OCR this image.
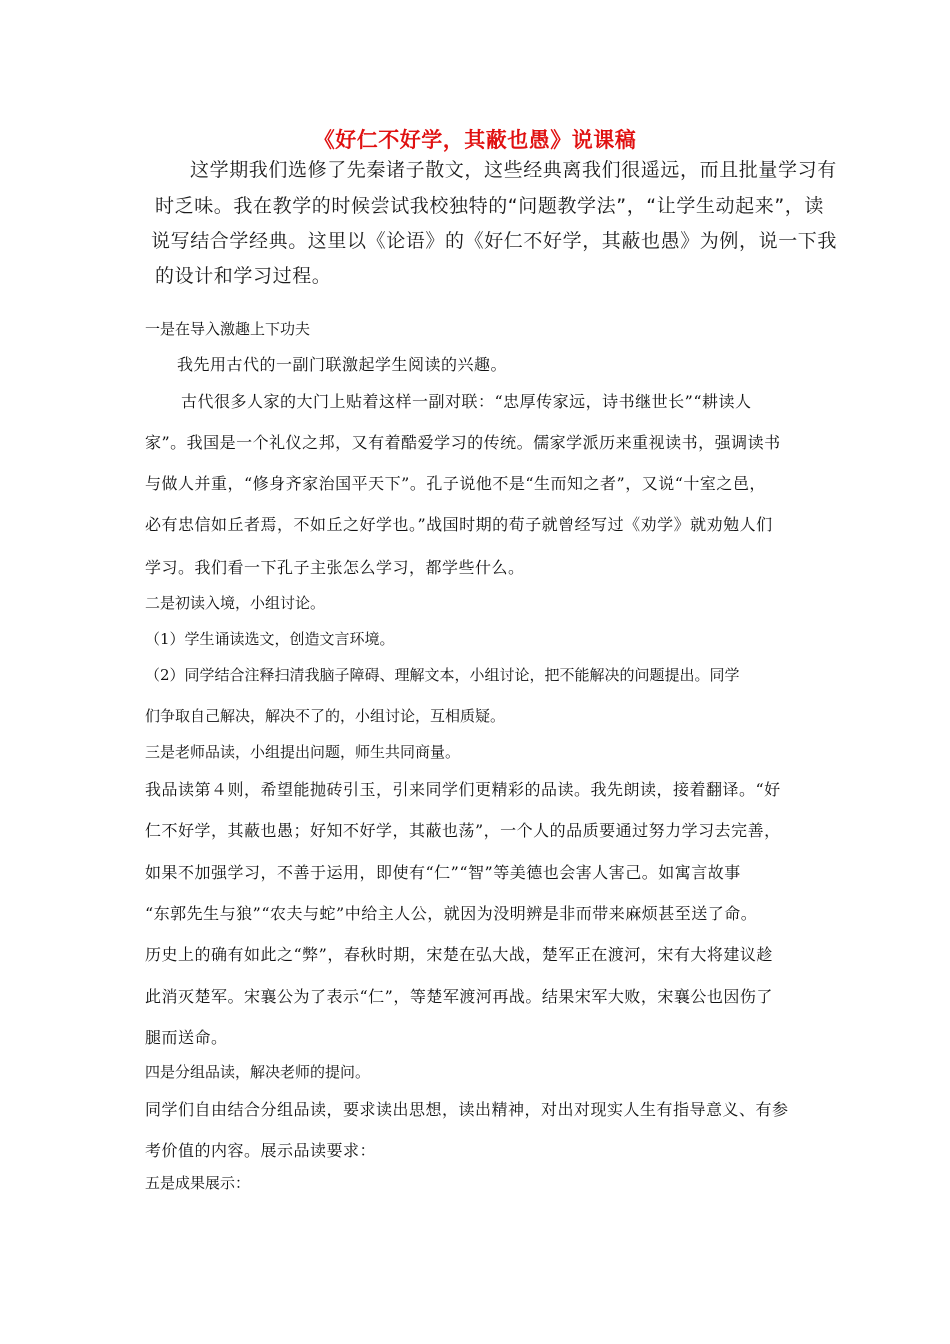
《好仁不好学，其蔽也愚》说课稿
这学期我们选修了先秦诸子散文，这些经典离我们很遥远，而且批量学习有
时乏味。我在教学的时候尝试我校独特的“问题教学法”，“让学生动起来”，读
说写结合学经典。这里以《论语》的《好仁不好学，其蔽也愚》为例，说一下我
的设计和学习过程。
一是在导入激趣上下功夫
我先用古代的一副门联激起学生阅读的兴趣。
古代很多人家的大门上贴着这样一副对联：“忠厚传家远，诗书继世长”“耕读人
家”。我国是一个礼仪之邦，又有着酷爱学习的传统。儒家学派历来重视读书，强调读书
与做人并重，“修身齐家治国平天下”。孔子说他不是“生而知之者”，又说“十室之邑，
必有忠信如丘者焉，不如丘之好学也。”战国时期的荀子就曾经写过《劝学》就劝勉人们
学习。我们看一下孔子主张怎么学习，都学些什么。
二是初读入境，小组讨论。
（1）学生诵读选文，创造文言环境。
（2）同学结合注释扫清我脑子障碍、理解文本，小组讨论，把不能解决的问题提出。同学
们争取自己解决，解决不了的，小组讨论，互相质疑。
三是老师品读，小组提出问题，师生共同商量。
我品读第４则，希望能抛砖引玉，引来同学们更精彩的品读。我先朗读，接着翻译。“好
仁不好学，其蔽也愚；好知不好学，其蔽也荡”，一个人的品质要通过努力学习去完善，
如果不加强学习，不善于运用，即使有“仁”“智”等美德也会害人害己。如寓言故事
“东郭先生与狼”“农夫与蛇”中给主人公，就因为没明辨是非而带来麻烦甚至送了命。
历史上的确有如此之“弊”，春秋时期，宋楚在弘大战，楚军正在渡河，宋有大将建议趁
此消灭楚军。宋襄公为了表示“仁”，等楚军渡河再战。结果宋军大败，宋襄公也因伤了
腿而送命。
四是分组品读，解决老师的提问。
同学们自由结合分组品读，要求读出思想，读出精神，对出对现实人生有指导意义、有参
考价值的内容。展示品读要求：
五是成果展示：
